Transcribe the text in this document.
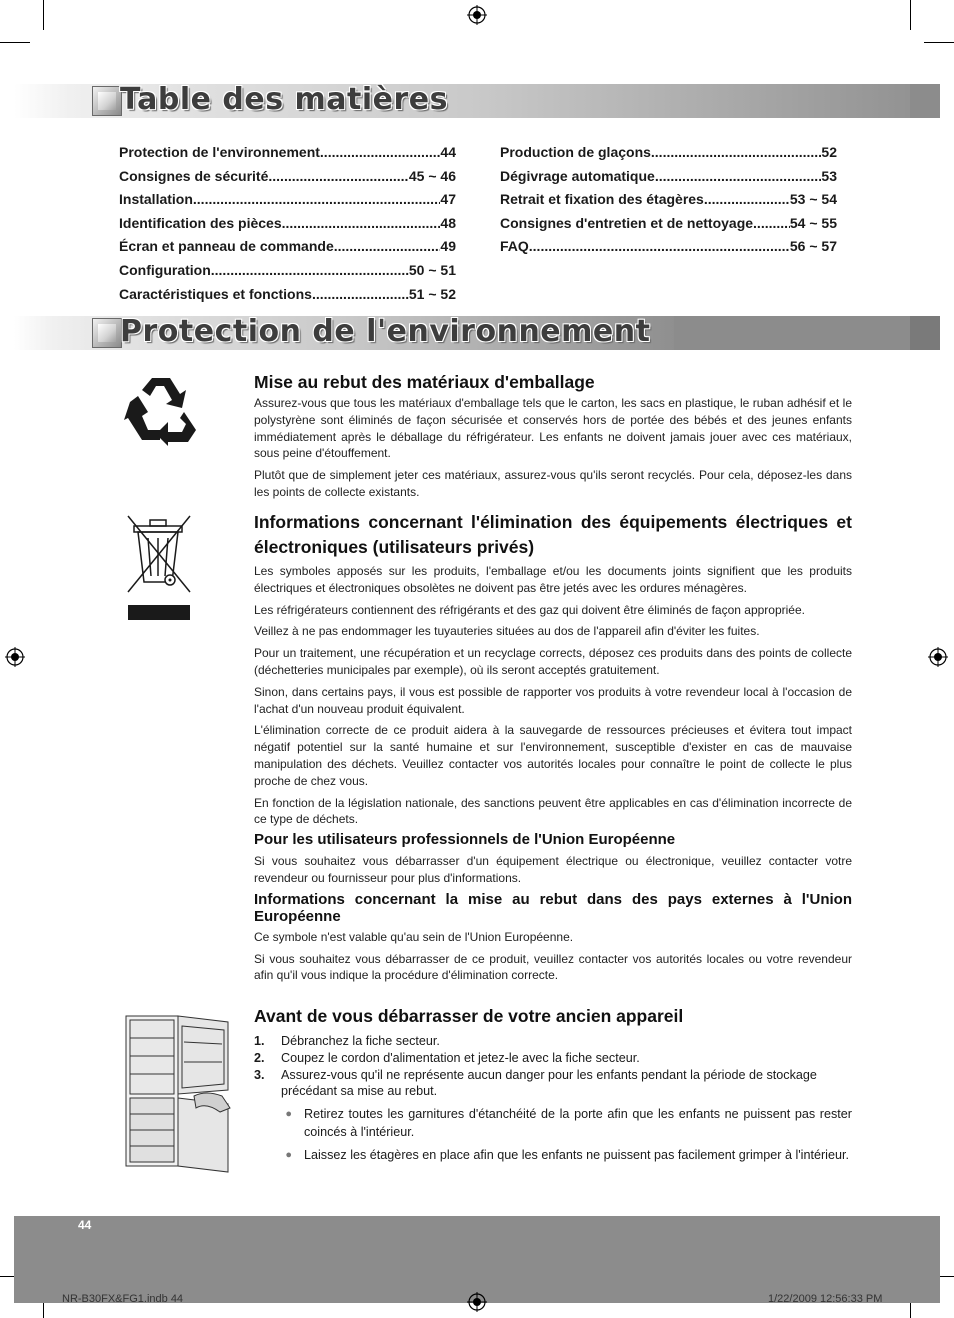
Table des matières
Protection de l'environnement .....	44
Consignes de sécurité .....	45 ~ 46
Installation .....	47
Identification des pièces .....	48
Écran et panneau de commande .....	49
Configuration.. .....	50 ~ 51
Caractéristiques et fonctions .....	51 ~ 52
Production de glaçons .....	52
Dégivrage automatique .....	53
Retrait et fixation des étagères .....	53 ~ 54
Consignes d'entretien et de nettoyage .....	54 ~ 55
FAQ .....	56 ~ 57
Protection de l'environnement
Mise au rebut des matériaux d'emballage

Assurez-vous que tous les matériaux d'emballage tels que le carton, les sacs en plastique, le ruban adhésif et le polystyrène sont éliminés de façon sécurisée et conservés hors de portée des bébés et des jeunes enfants immédiatement après le déballage du réfrigérateur. Les enfants ne doivent jamais jouer avec ces matériaux, sous peine d'étouffement.

Plutôt que de simplement jeter ces matériaux, assurez-vous qu'ils seront recyclés. Pour cela, déposez-les dans les points de collecte existants.

Informations concernant l'élimination des équipements électriques et électroniques (utilisateurs privés)

Les symboles apposés sur les produits, l'emballage et/ou les documents joints signifient que les produits électriques et électroniques obsolètes ne doivent pas être jetés avec les ordures ménagères.

Les réfrigérateurs contiennent des réfrigérants et des gaz qui doivent être éliminés de façon appropriée.

Veillez à ne pas endommager les tuyauteries situées au dos de l'appareil afin d'éviter les fuites.

Pour un traitement, une récupération et un recyclage corrects, déposez ces produits dans des points de collecte (déchetteries municipales par exemple), où ils seront acceptés gratuitement.

Sinon, dans certains pays, il vous est possible de rapporter vos produits à votre revendeur local à l'occasion de l'achat d'un nouveau produit équivalent.

L'élimination correcte de ce produit aidera à la sauvegarde de ressources précieuses et évitera tout impact négatif potentiel sur la santé humaine et sur l'environnement, susceptible d'exister en cas de mauvaise manipulation des déchets. Veuillez contacter vos autorités locales pour connaître le point de collecte le plus proche de chez vous.

En fonction de la législation nationale, des sanctions peuvent être applicables en cas d'élimination incorrecte de ce type de déchets.

Pour les utilisateurs professionnels de l'Union Européenne

Si vous souhaitez vous débarrasser d'un équipement électrique ou électronique, veuillez contacter votre revendeur ou fournisseur pour plus d'informations.

Informations concernant la mise au rebut dans des pays externes à l'Union Européenne

Ce symbole n'est valable qu'au sein de l'Union Européenne.

Si vous souhaitez vous débarrasser de ce produit, veuillez contacter vos autorités locales ou votre revendeur afin qu'il vous indique la procédure d'élimination correcte.

Avant de vous débarrasser de votre ancien appareil
1.	Débranchez la fiche secteur.
2.	Coupez le cordon d'alimentation et jetez-le avec la fiche secteur.
3.	Assurez-vous qu'il ne représente aucun danger pour les enfants pendant la période de stockage précédant sa mise au rebut.
● Retirez toutes les garnitures d'étanchéité de la porte afin que les enfants ne puissent pas rester coincés à l'intérieur.
● Laissez les étagères en place afin que les enfants ne puissent pas facilement grimper à l'intérieur.
44
NR-B30FX&FG1.indb 44	1/22/2009 12:56:33 PM
